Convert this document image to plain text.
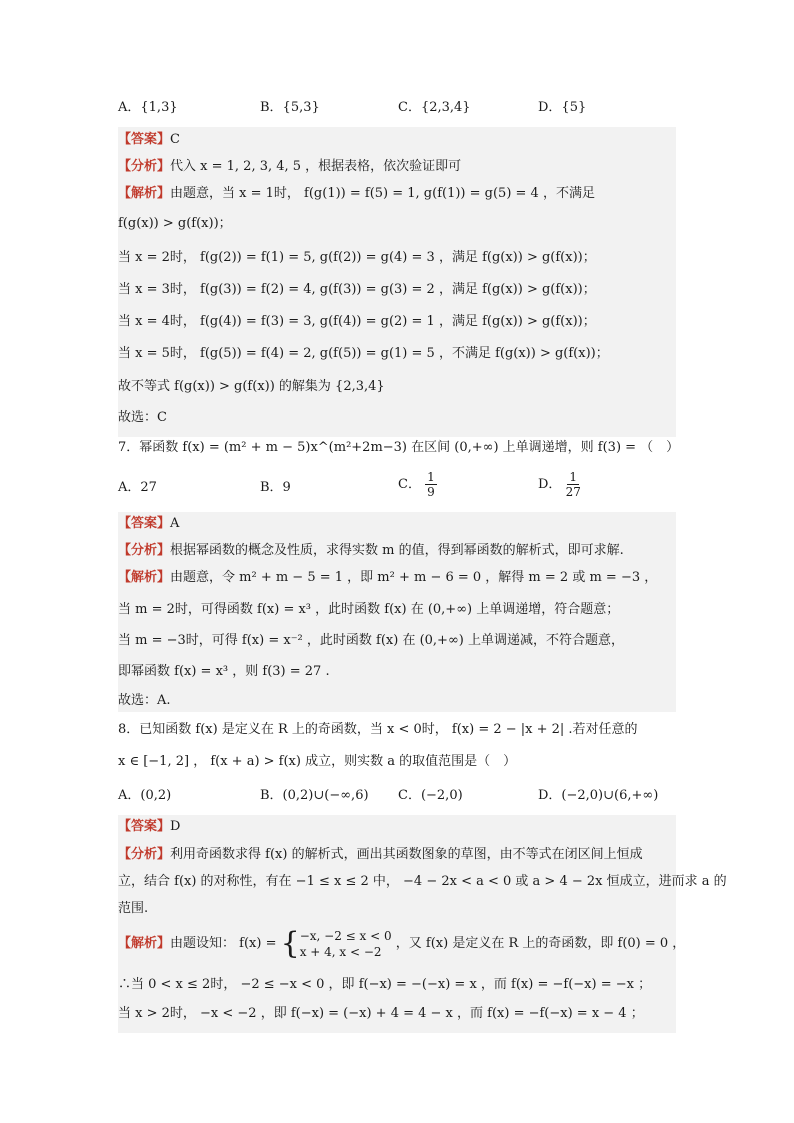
A．{1,3}	B．{5,3}	C．{2,3,4}	D．{5}
【答案】C
【分析】代入 x = 1, 2, 3, 4, 5 ，根据表格，依次验证即可
【解析】由题意，当 x = 1时， f(g(1)) = f(5) = 1, g(f(1)) = g(5) = 4 ，不满足
f(g(x)) > g(f(x))；
当 x = 2时， f(g(2)) = f(1) = 5, g(f(2)) = g(4) = 3 ，满足 f(g(x)) > g(f(x))；
当 x = 3时， f(g(3)) = f(2) = 4, g(f(3)) = g(3) = 2 ，满足 f(g(x)) > g(f(x))；
当 x = 4时， f(g(4)) = f(3) = 3, g(f(4)) = g(2) = 1 ，满足 f(g(x)) > g(f(x))；
当 x = 5时， f(g(5)) = f(4) = 2, g(f(5)) = g(1) = 5 ，不满足 f(g(x)) > g(f(x))；
故不等式 f(g(x)) > g(f(x)) 的解集为 {2,3,4}
故选：C
7．幂函数 f(x) = (m² + m − 5)x^(m²+2m−3) 在区间 (0,+∞) 上单调递增，则 f(3) = （　）
A．27	B．9	C． $\frac{1}{9}$	D． $\frac{1}{27}$
【答案】A
【分析】根据幂函数的概念及性质，求得实数 m 的值，得到幂函数的解析式，即可求解.
【解析】由题意，令 m² + m − 5 = 1 ，即 m² + m − 6 = 0 ，解得 m = 2 或 m = −3 ，
当 m = 2时，可得函数 f(x) = x³ ，此时函数 f(x) 在 (0,+∞) 上单调递增，符合题意；
当 m = −3时，可得 f(x) = x⁻² ，此时函数 f(x) 在 (0,+∞) 上单调递减，不符合题意，
即幂函数 f(x) = x³ ，则 f(3) = 27 .
故选：A.
8．已知函数 f(x) 是定义在 R 上的奇函数，当 x < 0时， f(x) = 2 − |x + 2| .若对任意的
x ∈ [−1, 2] ， f(x + a) > f(x) 成立，则实数 a 的取值范围是（　）
A．(0,2)	B．(0,2)∪(−∞,6) C．(−2,0)	D．(−2,0)∪(6,+∞)
【答案】D
【分析】利用奇函数求得 f(x) 的解析式，画出其函数图象的草图，由不等式在闭区间上恒成
立，结合 f(x) 的对称性，有在 −1 ≤ x ≤ 2 中， −4 − 2x < a < 0 或 a > 4 − 2x 恒成立，进而求 a 的
范围.
【解析】由题设知： f(x) = { −x, −2 ≤ x < 0
x + 4, x < −2
，又 f(x) 是定义在 R 上的奇函数，即 f(0) = 0 ，
∴当 0 < x ≤ 2时， −2 ≤ −x < 0 ，即 f(−x) = −(−x) = x ，而 f(x) = −f(−x) = −x ；
当 x > 2时， −x < −2 ，即 f(−x) = (−x) + 4 = 4 − x ，而 f(x) = −f(−x) = x − 4 ；
